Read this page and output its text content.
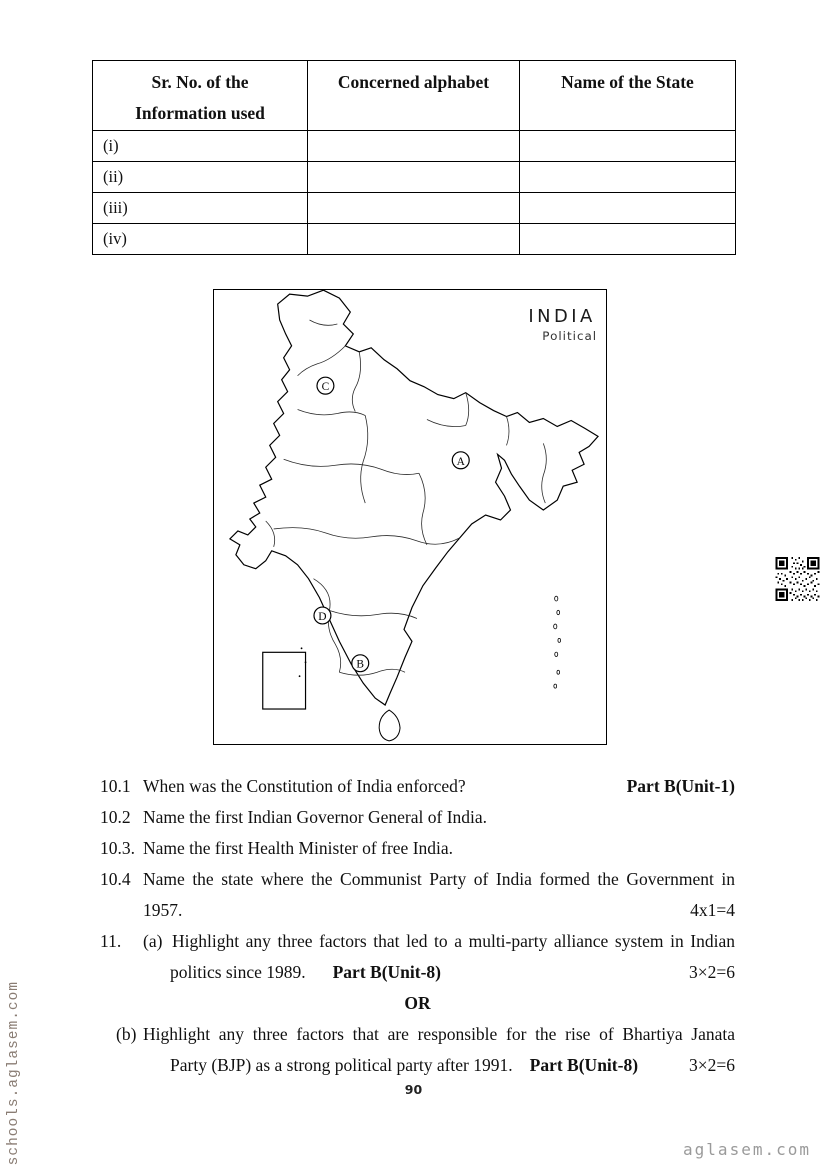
Sr. No. of the
Information used	Concerned alphabet	Name of the State
(i)		
(ii)		
(iii)		
(iv)		
INDIA
Political
A
B
C
D
10.1 When was the Constitution of India enforced?	Part B(Unit-1)
10.2 Name the first Indian Governor General of India.
10.3. Name the first Health Minister of free India.
10.4 Name the state where the Communist Party of India formed the Government in
1957.	4x1=4
11.	(a) Highlight any three factors that led to a multi-party alliance system in Indian
politics since 1989. Part B(Unit-8)	3×2=6
OR
(b) Highlight any three factors that are responsible for the rise of Bhartiya Janata
Party (BJP) as a strong political party after 1991. Part B(Unit-8)	3×2=6
90
schools.aglasem.com	aglasem.com
